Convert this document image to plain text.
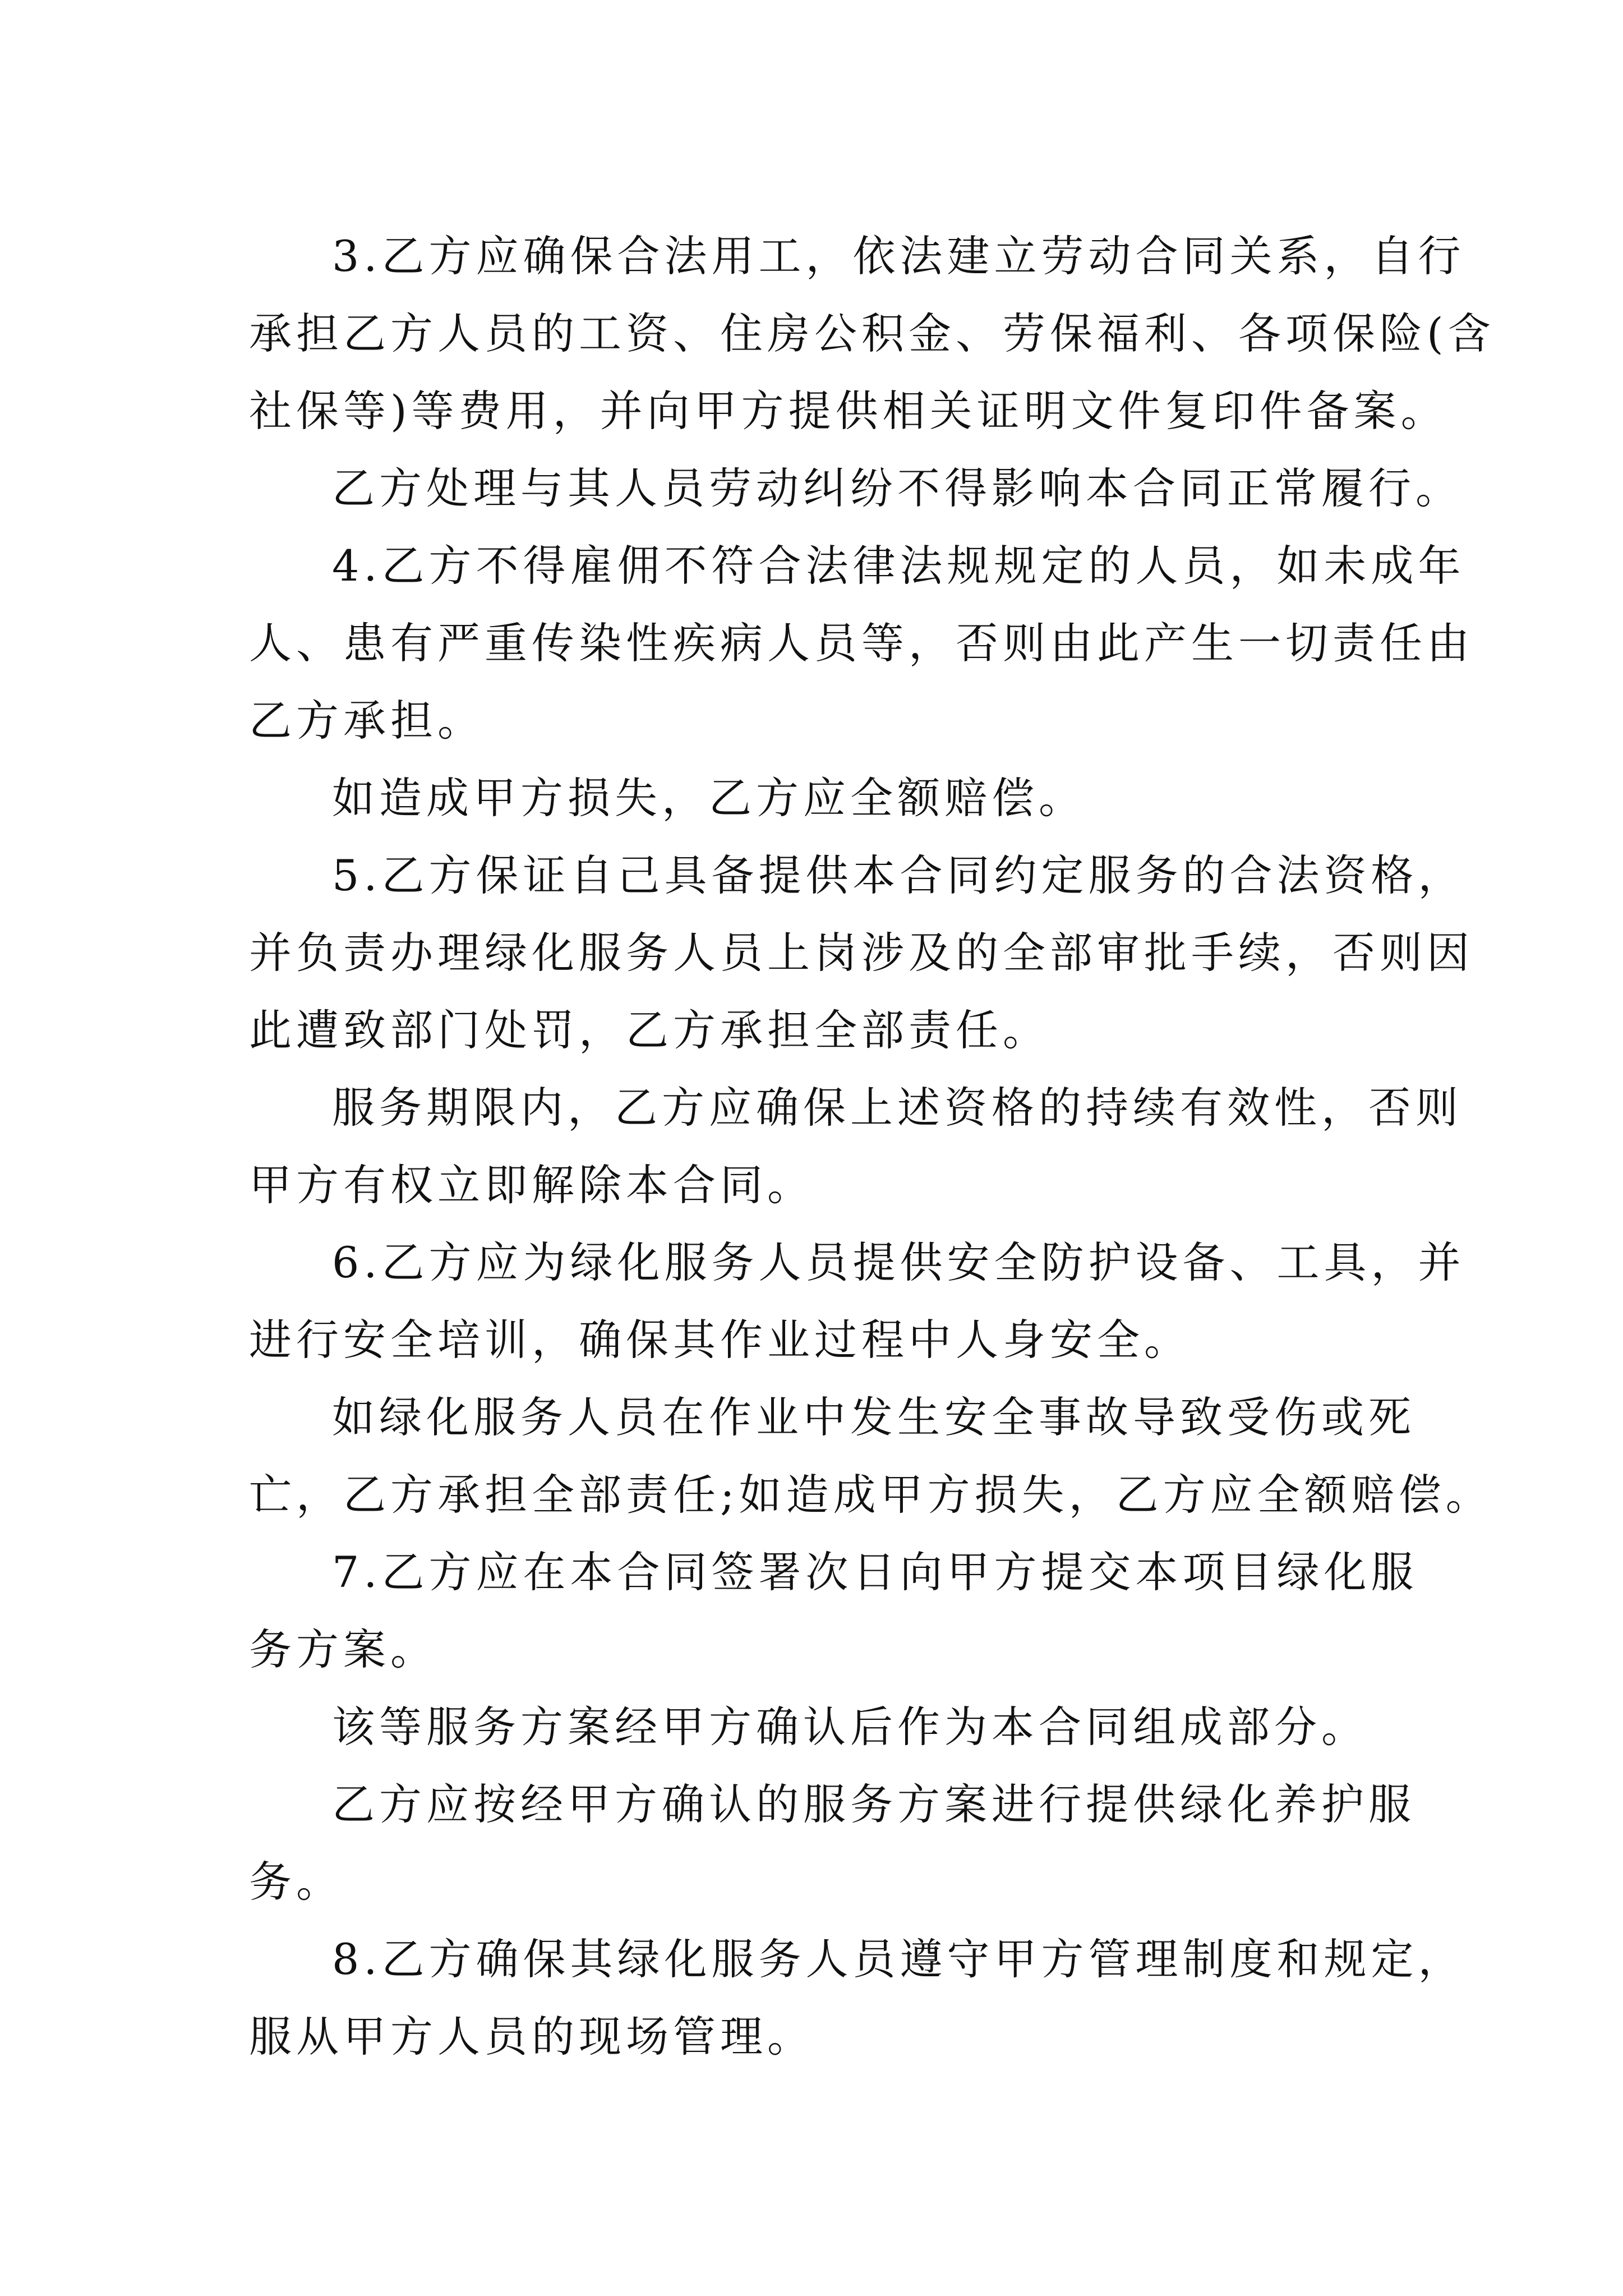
3.乙方应确保合法用工，依法建立劳动合同关系，自行
承担乙方人员的工资、住房公积金、劳保福利、各项保险(含
社保等)等费用，并向甲方提供相关证明文件复印件备案。
乙方处理与其人员劳动纠纷不得影响本合同正常履行。
4.乙方不得雇佣不符合法律法规规定的人员，如未成年
人、患有严重传染性疾病人员等，否则由此产生一切责任由
乙方承担。
如造成甲方损失，乙方应全额赔偿。
5.乙方保证自己具备提供本合同约定服务的合法资格，
并负责办理绿化服务人员上岗涉及的全部审批手续，否则因
此遭致部门处罚，乙方承担全部责任。
服务期限内，乙方应确保上述资格的持续有效性，否则
甲方有权立即解除本合同。
6.乙方应为绿化服务人员提供安全防护设备、工具，并
进行安全培训，确保其作业过程中人身安全。
如绿化服务人员在作业中发生安全事故导致受伤或死
亡，乙方承担全部责任;如造成甲方损失，乙方应全额赔偿。
7.乙方应在本合同签署次日向甲方提交本项目绿化服
务方案。
该等服务方案经甲方确认后作为本合同组成部分。
乙方应按经甲方确认的服务方案进行提供绿化养护服
务。
8.乙方确保其绿化服务人员遵守甲方管理制度和规定，
服从甲方人员的现场管理。
